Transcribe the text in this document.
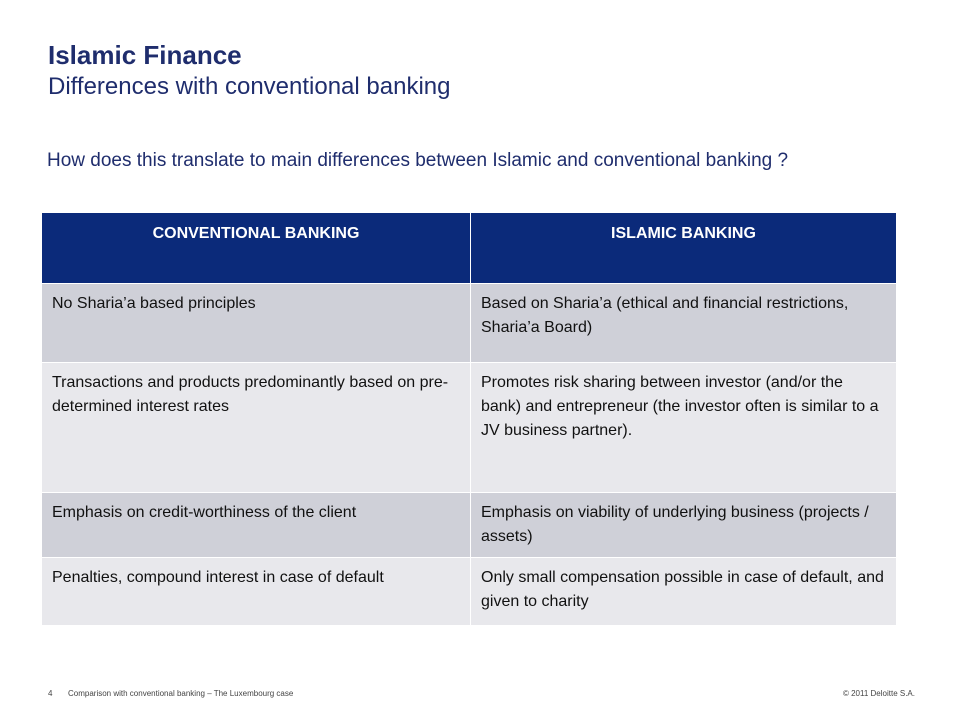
Islamic Finance
Differences with conventional banking

How does this translate to main differences between Islamic and conventional banking ?

CONVENTIONAL BANKING	ISLAMIC BANKING
No Sharia’a based principles	Based on Sharia’a (ethical and financial restrictions, Sharia’a Board)
Transactions and products predominantly based on pre-determined interest rates	Promotes risk sharing between investor (and/or the bank) and entrepreneur (the investor often is similar to a JV business partner).
Emphasis on credit-worthiness of the client	Emphasis on viability of underlying business (projects / assets)
Penalties, compound interest in case of default	Only small compensation possible in case of default, and given to charity
4 Comparison with conventional banking – The Luxembourg case	© 2011 Deloitte S.A.
